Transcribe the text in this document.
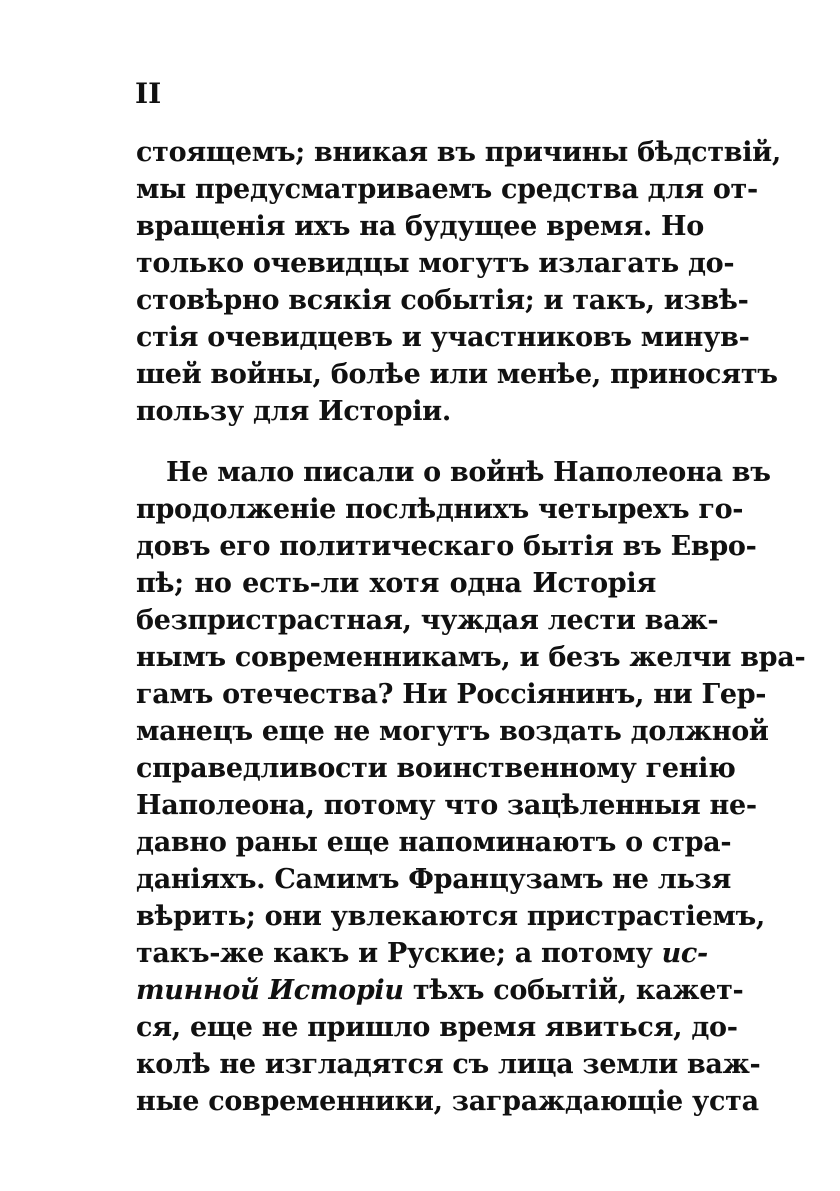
II
стоящемъ; вникая въ причины бѣдствій,
мы предусматриваемъ средства для от-
вращенія ихъ на будущее время. Но
только очевидцы могутъ излагать до-
стовѣрно всякія событія; и такъ, извѣ-
стія очевидцевъ и участниковъ минув-
шей войны, болѣе или менѣе, приносятъ
пользу для Исторіи.
Не мало писали о войнѣ Наполеона въ
продолженіе послѣднихъ четырехъ го-
довъ его политическаго бытія въ Евро-
пѣ; но есть-ли хотя одна Исторія
безпристрастная, чуждая лести важ-
нымъ современникамъ, и безъ желчи вра-
гамъ отечества? Ни Россіянинъ, ни Гер-
манецъ еще не могутъ воздать должной
справедливости воинственному генію
Наполеона, потому что зацѣленныя не-
давно раны еще напоминаютъ о стра-
даніяхъ. Самимъ Французамъ не льзя
вѣрить; они увлекаются пристрастіемъ,
такъ-же какъ и Руские; а потому ис-
тинной Исторіи тѣхъ событій, кажет-
ся, еще не пришло время явиться, до-
колѣ не изгладятся съ лица земли важ-
ные современники, заграждающіе уста
